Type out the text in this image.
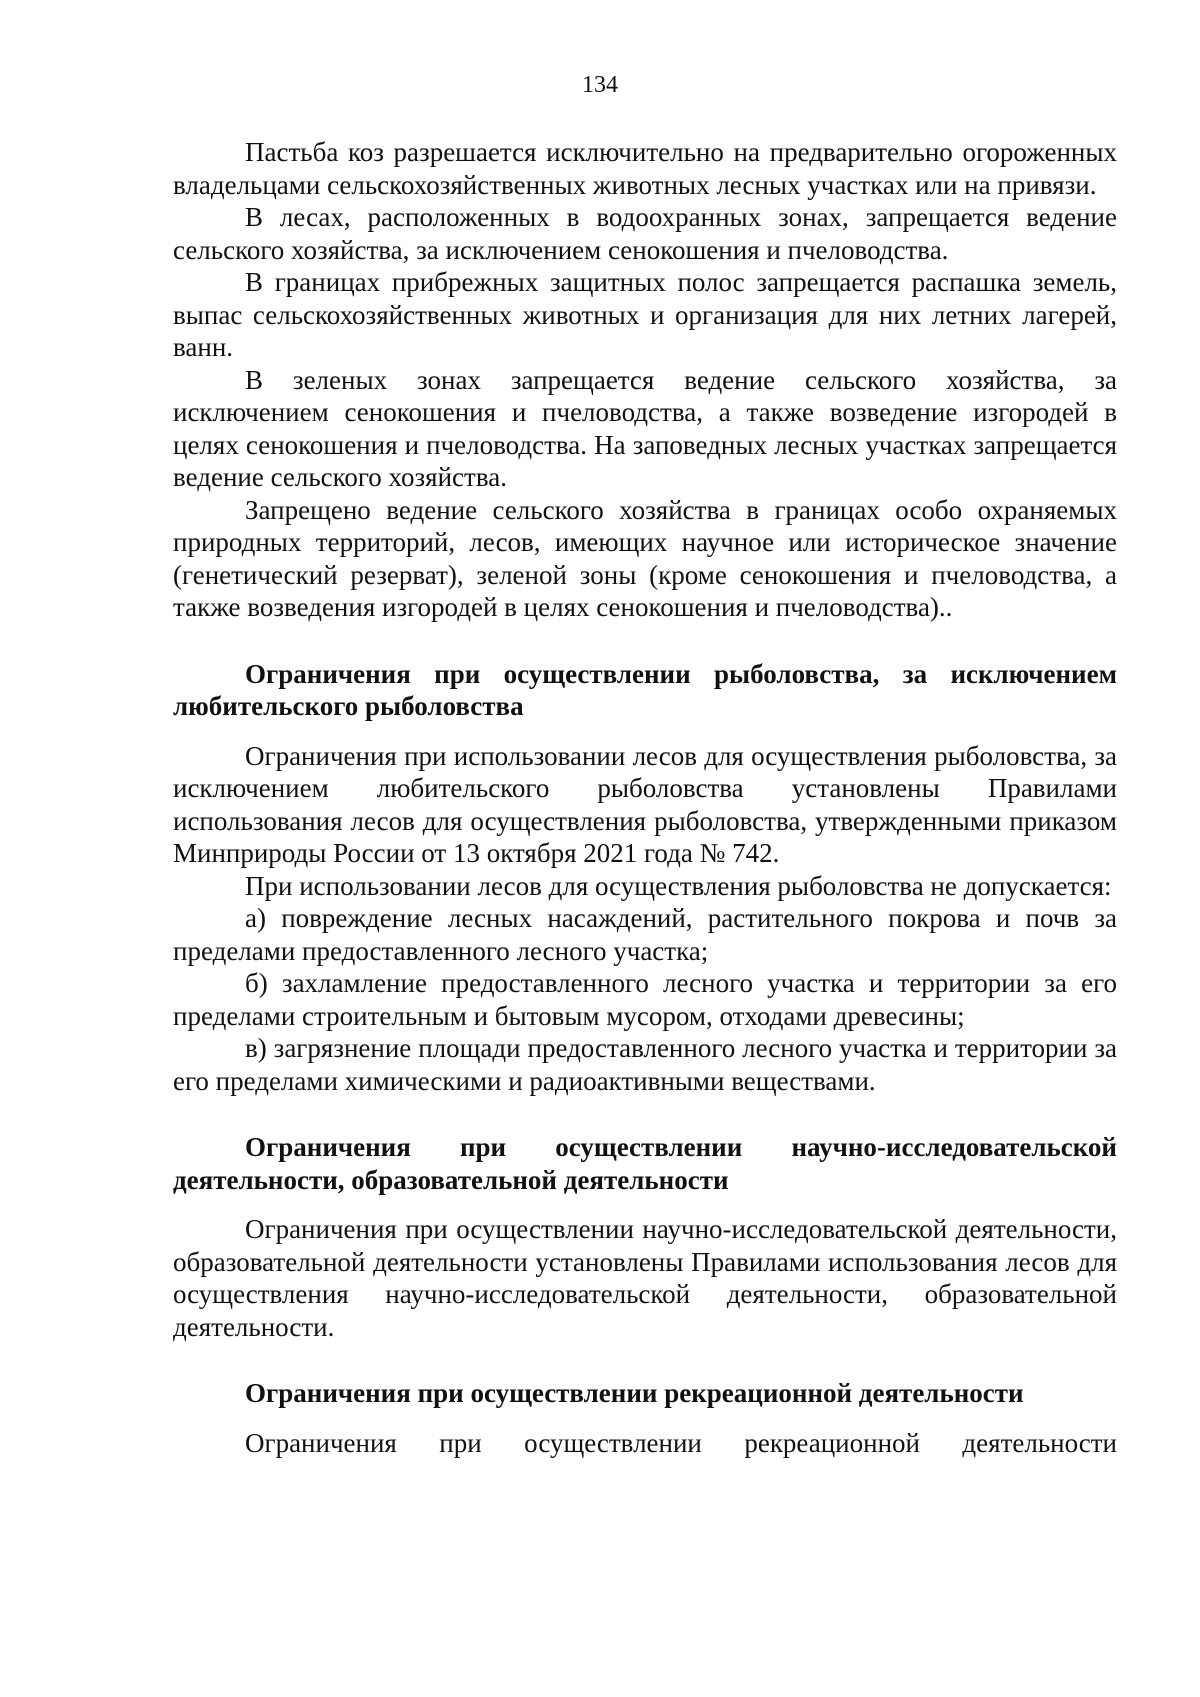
134

Пастьба коз разрешается исключительно на предварительно огороженных владельцами сельскохозяйственных животных лесных участках или на привязи.

В лесах, расположенных в водоохранных зонах, запрещается ведение сельского хозяйства, за исключением сенокошения и пчеловодства.

В границах прибрежных защитных полос запрещается распашка земель, выпас сельскохозяйственных животных и организация для них летних лагерей, ванн.

В зеленых зонах запрещается ведение сельского хозяйства, за исключением сенокошения и пчеловодства, а также возведение изгородей в целях сенокошения и пчеловодства. На заповедных лесных участках запрещается ведение сельского хозяйства.

Запрещено ведение сельского хозяйства в границах особо охраняемых природных территорий, лесов, имеющих научное или историческое значение (генетический резерват), зеленой зоны (кроме сенокошения и пчеловодства, а также возведения изгородей в целях сенокошения и пчеловодства)..

Ограничения при осуществлении рыболовства, за исключением любительского рыболовства

Ограничения при использовании лесов для осуществления рыболовства, за исключением любительского рыболовства установлены Правилами использования лесов для осуществления рыболовства, утвержденными приказом Минприроды России от 13 октября 2021 года № 742.

При использовании лесов для осуществления рыболовства не допускается:

а) повреждение лесных насаждений, растительного покрова и почв за пределами предоставленного лесного участка;

б) захламление предоставленного лесного участка и территории за его пределами строительным и бытовым мусором, отходами древесины;

в) загрязнение площади предоставленного лесного участка и территории за его пределами химическими и радиоактивными веществами.

Ограничения при осуществлении научно-исследовательской деятельности, образовательной деятельности

Ограничения при осуществлении научно-исследовательской деятельности, образовательной деятельности установлены Правилами использования лесов для осуществления научно-исследовательской деятельности, образовательной деятельности.

Ограничения при осуществлении рекреационной деятельности

Ограничения при осуществлении рекреационной деятельности
